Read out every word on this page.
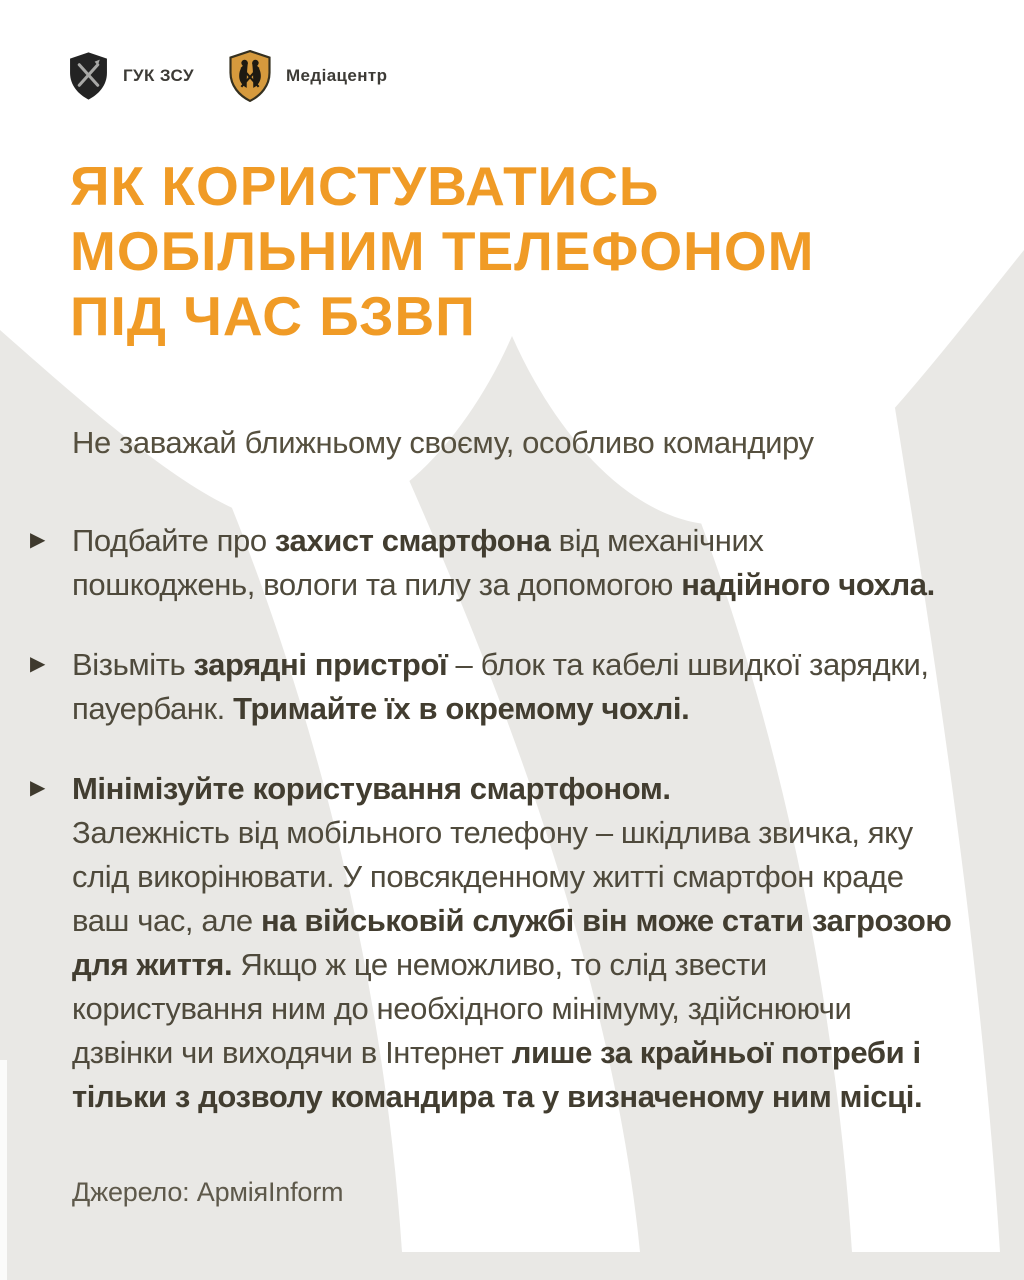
ГУК ЗСУ	Медіацентр
ЯК КОРИСТУВАТИСЬ
МОБІЛЬНИМ ТЕЛЕФОНОМ
ПІД ЧАС БЗВП

Не заважай ближньому своєму, особливо командиру

▶ Подбайте про захист смартфона від механічних пошкоджень, вологи та пилу за допомогою надійного чохла.
▶ Візьміть зарядні пристрої – блок та кабелі швидкої зарядки, пауербанк. Тримайте їх в окремому чохлі.
▶ Мінімізуйте користування смартфоном.
Залежність від мобільного телефону – шкідлива звичка, яку слід викорінювати. У повсякденному житті смартфон краде ваш час, але на військовій службі він може стати загрозою для життя. Якщо ж це неможливо, то слід звести користування ним до необхідного мінімуму, здійснюючи дзвінки чи виходячи в Інтернет лише за крайньої потреби і тільки з дозволу командира та у визначеному ним місці.

Джерело: АрміяInform
